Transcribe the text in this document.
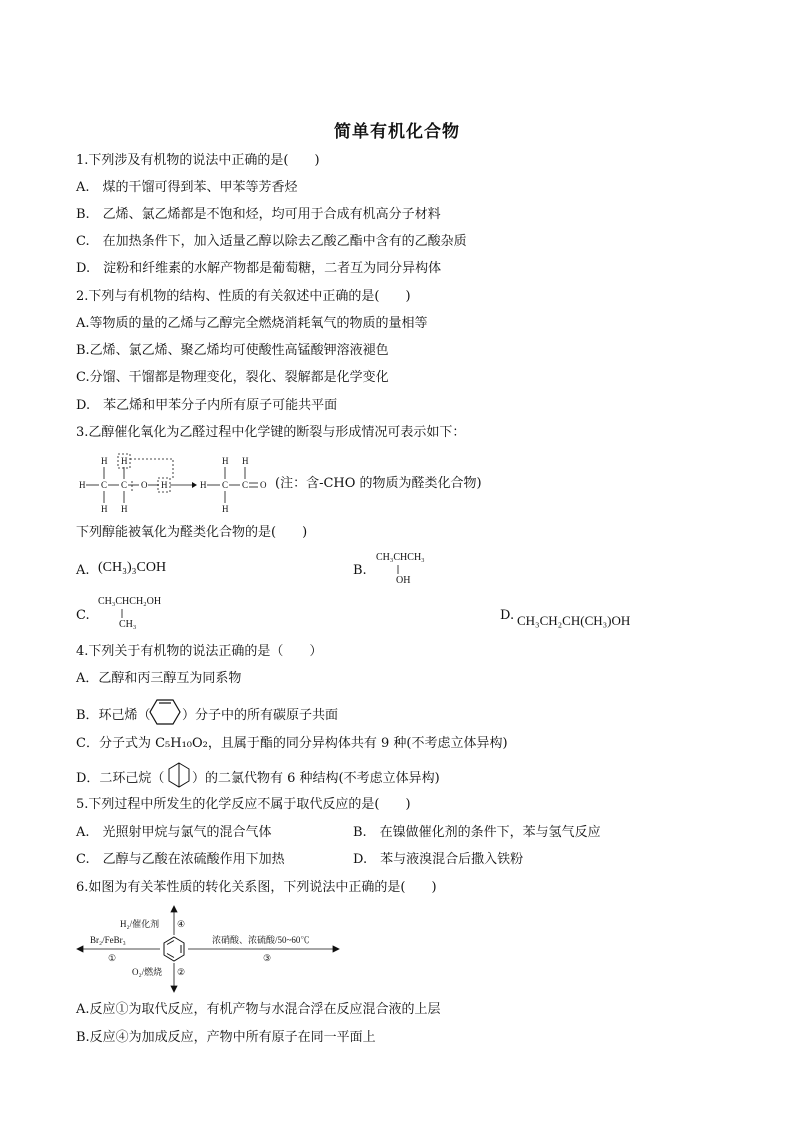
简单有机化合物
1.下列涉及有机物的说法中正确的是(　　)
A.　煤的干馏可得到苯、甲苯等芳香烃
B.　乙烯、氯乙烯都是不饱和烃，均可用于合成有机高分子材料
C.　在加热条件下，加入适量乙醇以除去乙酸乙酯中含有的乙酸杂质
D.　淀粉和纤维素的水解产物都是葡萄糖，二者互为同分异构体
2.下列与有机物的结构、性质的有关叙述中正确的是(　　)
A.等物质的量的乙烯与乙醇完全燃烧消耗氧气的物质的量相等
B.乙烯、氯乙烯、聚乙烯均可使酸性高锰酸钾溶液褪色
C.分馏、干馏都是物理变化，裂化、裂解都是化学变化
D.　苯乙烯和甲苯分子内所有原子可能共平面
3.乙醇催化氧化为乙醛过程中化学键的断裂与形成情况可表示如下：
H
C
H
H
H
C
H
O H	H
H
C
H
C
H
O (注：含-CHO 的物质为醛类化合物)
下列醇能被氧化为醛类化合物的是(　　)
A. (CH₃)₃COH	B.
CH₃CHCH₃
OH
C.
CH₃CHCH₂OH
CH₃
D. CH₃CH₂CH(CH₃)OH
4.下列关于有机物的说法正确的是（　　）
A．乙醇和丙三醇互为同系物
B．环己烯（ ）分子中的所有碳原子共面
C．分子式为 C₅H₁₀O₂，且属于酯的同分异构体共有 9 种(不考虑立体异构)
D．二环己烷（ ）的二氯代物有 6 种结构(不考虑立体异构)
5.下列过程中所发生的化学反应不属于取代反应的是(　　)
A.　光照射甲烷与氯气的混合气体	B.　在镍做催化剂的条件下，苯与氢气反应
C.　乙醇与乙酸在浓硫酸作用下加热	D.　苯与液溴混合后撒入铁粉
6.如图为有关苯性质的转化关系图，下列说法中正确的是(　　)
H₂/催化剂 ④
Br₂/FeBr₃
①
浓硝酸、浓硫酸/50~60℃
③
O₂/燃烧 ②
A.反应①为取代反应，有机产物与水混合浮在反应混合液的上层
B.反应④为加成反应，产物中所有原子在同一平面上
